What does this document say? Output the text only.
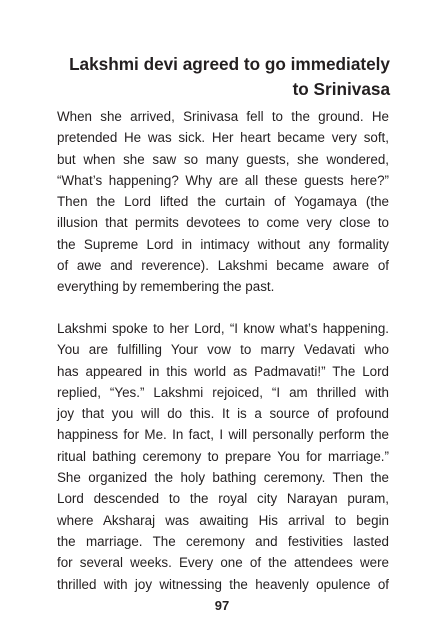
Lakshmi devi agreed to go immediately
to Srinivasa
When she arrived, Srinivasa fell to the ground. He
pretended He was sick. Her heart became very soft,
but when she saw so many guests, she wondered,
“What’s happening? Why are all these guests here?”
Then the Lord lifted the curtain of Yogamaya (the
illusion that permits devotees to come very close to
the Supreme Lord in intimacy without any formality
of awe and reverence). Lakshmi became aware of
everything by remembering the past.
Lakshmi spoke to her Lord, “I know what’s happening.
You are fulfilling Your vow to marry Vedavati who
has appeared in this world as Padmavati!” The Lord
replied, “Yes.” Lakshmi rejoiced, “I am thrilled with
joy that you will do this. It is a source of profound
happiness for Me. In fact, I will personally perform the
ritual bathing ceremony to prepare You for marriage.”
She organized the holy bathing ceremony. Then the
Lord descended to the royal city Narayan puram,
where Aksharaj was awaiting His arrival to begin
the marriage. The ceremony and festivities lasted
for several weeks. Every one of the attendees were
thrilled with joy witnessing the heavenly opulence of
97
